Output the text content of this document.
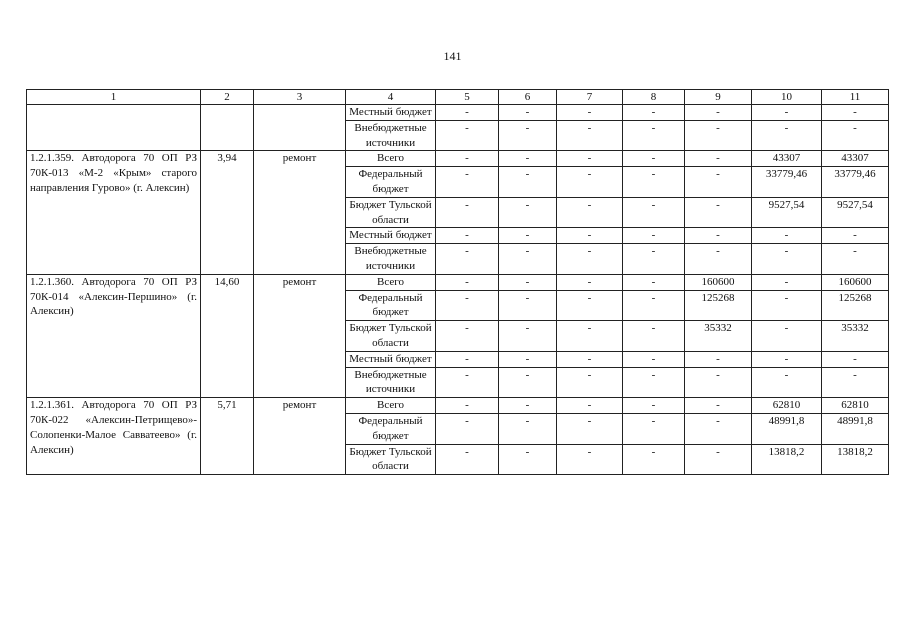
141
1	2	3	4	5	6	7	8	9	10	11
			Местный бюджет	-	-	-	-	-	-	-
			Внебюджетные источники	-	-	-	-	-	-	-
1.2.1.359. Автодорога 70 ОП РЗ 70К-013 «М-2 «Крым» старого направления Гурово» (г. Алексин)	3,94	ремонт	Всего	-	-	-	-	-	43307	43307
			Федеральный бюджет	-	-	-	-	-	33779,46	33779,46
			Бюджет Тульской области	-	-	-	-	-	9527,54	9527,54
			Местный бюджет	-	-	-	-	-	-	-
			Внебюджетные источники	-	-	-	-	-	-	-
1.2.1.360. Автодорога 70 ОП РЗ 70К-014 «Алексин-Першино» (г. Алексин)	14,60	ремонт	Всего	-	-	-	-	160600	-	160600
			Федеральный бюджет	-	-	-	-	125268	-	125268
			Бюджет Тульской области	-	-	-	-	35332	-	35332
			Местный бюджет	-	-	-	-	-	-	-
			Внебюджетные источники	-	-	-	-	-	-	-
1.2.1.361. Автодорога 70 ОП РЗ 70К-022 «Алексин-Петрищево»-Солопенки-Малое Савватеево» (г. Алексин)	5,71	ремонт	Всего	-	-	-	-	-	62810	62810
			Федеральный бюджет	-	-	-	-	-	48991,8	48991,8
			Бюджет Тульской области	-	-	-	-	-	13818,2	13818,2
